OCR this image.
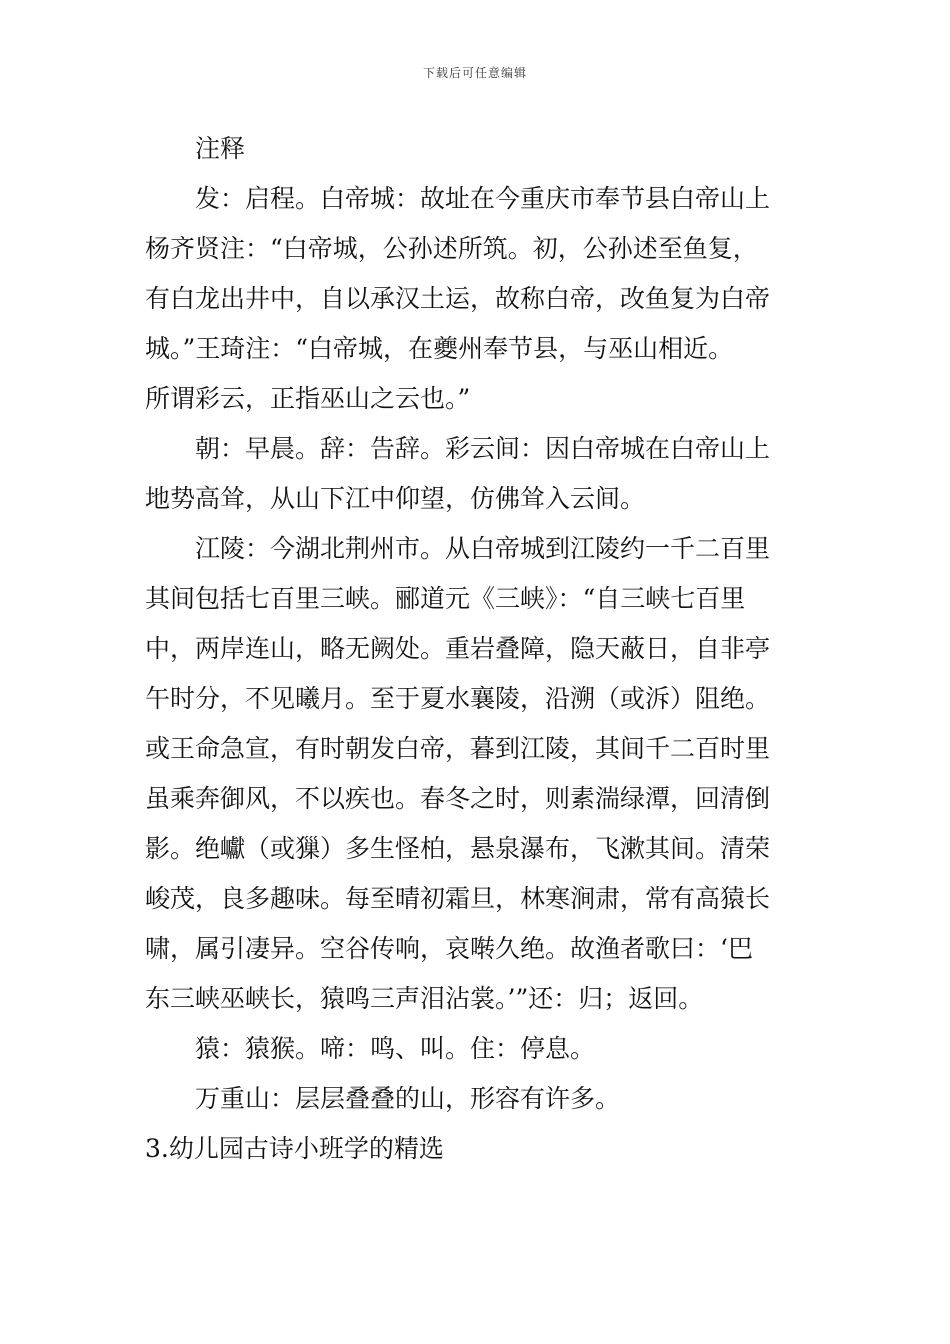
下载后可任意编辑
注释
发：启程。白帝城：故址在今重庆市奉节县白帝山上
杨齐贤注：“白帝城，公孙述所筑。初，公孙述至鱼复，
有白龙出井中，自以承汉土运，故称白帝，改鱼复为白帝
城。”王琦注：“白帝城，在夔州奉节县，与巫山相近。
所谓彩云，正指巫山之云也。”
朝：早晨。辞：告辞。彩云间：因白帝城在白帝山上
地势高耸，从山下江中仰望，仿佛耸入云间。
江陵：今湖北荆州市。从白帝城到江陵约一千二百里
其间包括七百里三峡。郦道元《三峡》：“自三峡七百里
中，两岸连山，略无阙处。重岩叠障，隐天蔽日，自非亭
午时分，不见曦月。至于夏水襄陵，沿溯（或泝）阻绝。
或王命急宣，有时朝发白帝，暮到江陵，其间千二百时里
虽乘奔御风，不以疾也。春冬之时，则素湍绿潭，回清倒
影。绝巘（或㺐）多生怪柏，悬泉瀑布，飞漱其间。清荣
峻茂，良多趣味。每至晴初霜旦，林寒涧肃，常有高猿长
啸，属引凄异。空谷传响，哀啭久绝。故渔者歌曰：‘巴
东三峡巫峡长，猿鸣三声泪沾裳。’”还：归；返回。
猿：猿猴。啼：鸣、叫。住：停息。
万重山：层层叠叠的山，形容有许多。
3.幼儿园古诗小班学的精选
